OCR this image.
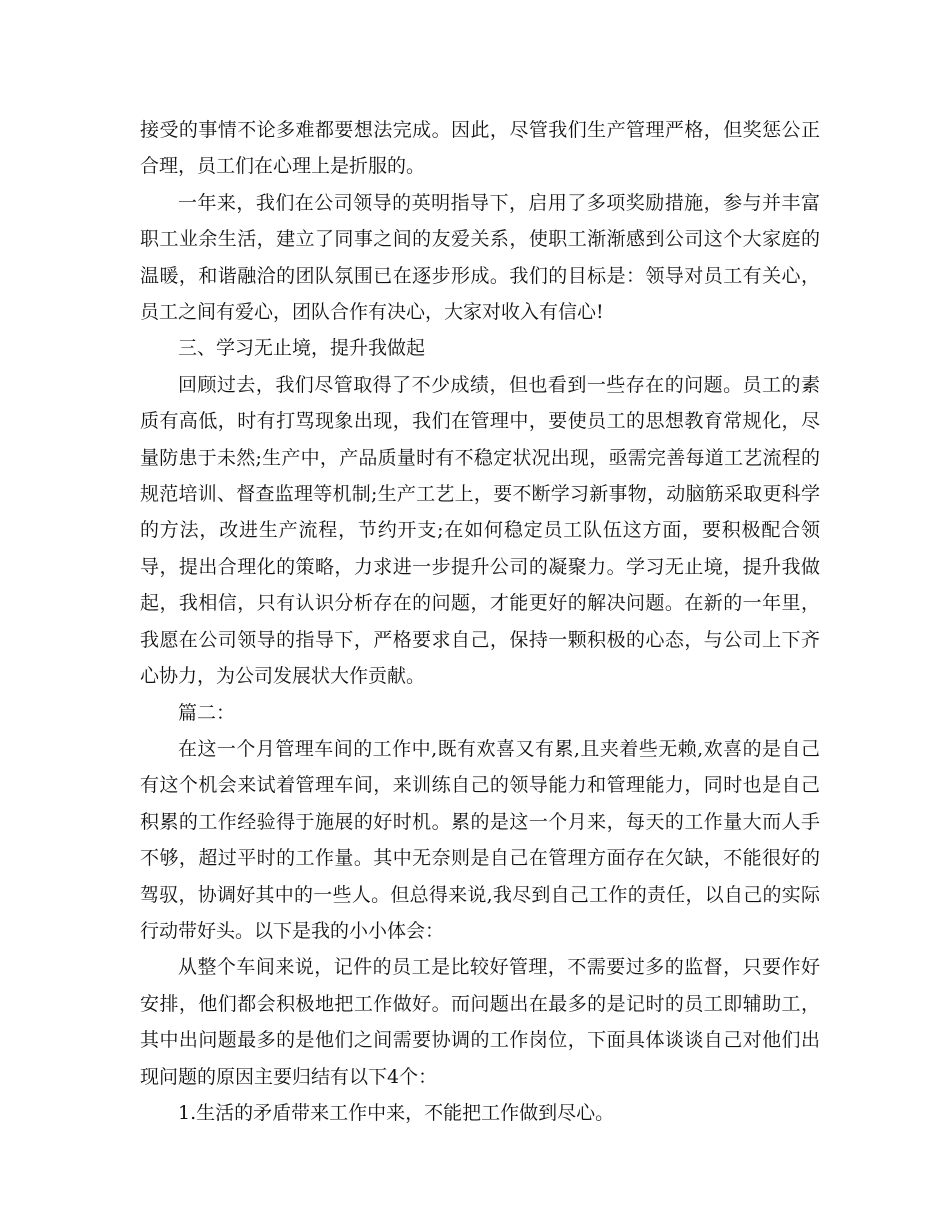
接受的事情不论多难都要想法完成。因此，尽管我们生产管理严格，但奖惩公正合理，员工们在心理上是折服的。

一年来，我们在公司领导的英明指导下，启用了多项奖励措施，参与并丰富职工业余生活，建立了同事之间的友爱关系，使职工渐渐感到公司这个大家庭的温暖，和谐融洽的团队氛围已在逐步形成。我们的目标是：领导对员工有关心，员工之间有爱心，团队合作有决心，大家对收入有信心!

三、学习无止境，提升我做起

回顾过去，我们尽管取得了不少成绩，但也看到一些存在的问题。员工的素质有高低，时有打骂现象出现，我们在管理中，要使员工的思想教育常规化，尽量防患于未然;生产中，产品质量时有不稳定状况出现，亟需完善每道工艺流程的规范培训、督查监理等机制;生产工艺上，要不断学习新事物，动脑筋采取更科学的方法，改进生产流程，节约开支;在如何稳定员工队伍这方面，要积极配合领导，提出合理化的策略，力求进一步提升公司的凝聚力。学习无止境，提升我做起，我相信，只有认识分析存在的问题，才能更好的解决问题。在新的一年里，我愿在公司领导的指导下，严格要求自己，保持一颗积极的心态，与公司上下齐心协力，为公司发展状大作贡献。

篇二：

在这一个月管理车间的工作中,既有欢喜又有累,且夹着些无赖,欢喜的是自己有这个机会来试着管理车间，来训练自己的领导能力和管理能力，同时也是自己积累的工作经验得于施展的好时机。累的是这一个月来，每天的工作量大而人手不够，超过平时的工作量。其中无奈则是自己在管理方面存在欠缺，不能很好的驾驭，协调好其中的一些人。但总得来说,我尽到自己工作的责任，以自己的实际行动带好头。以下是我的小小体会：

从整个车间来说，记件的员工是比较好管理，不需要过多的监督，只要作好安排，他们都会积极地把工作做好。而问题出在最多的是记时的员工即辅助工，其中出问题最多的是他们之间需要协调的工作岗位，下面具体谈谈自己对他们出现问题的原因主要归结有以下4个：

1.生活的矛盾带来工作中来，不能把工作做到尽心。
